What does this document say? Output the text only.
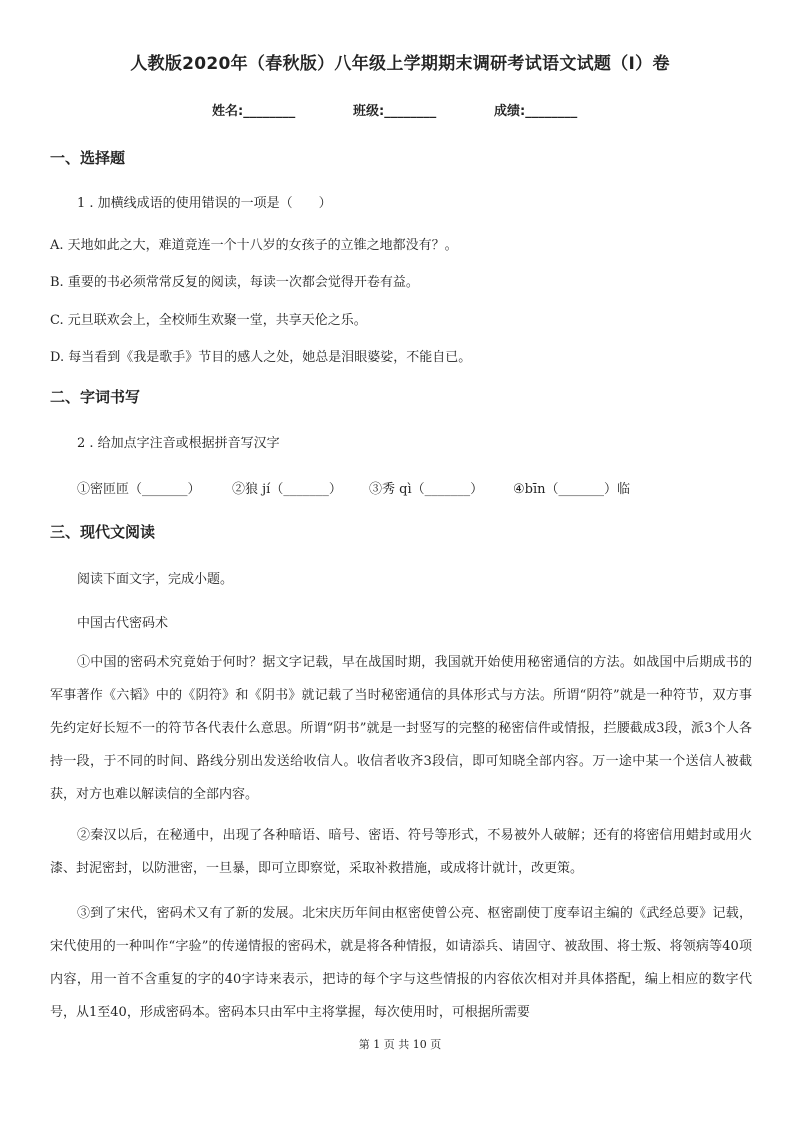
人教版2020年（春秋版）八年级上学期期末调研考试语文试题（I）卷
姓名:________	班级:________	成绩:________
一、选择题
1 . 加横线成语的使用错误的一项是（　　）
A. 天地如此之大，难道竟连一个十八岁的女孩子的立锥之地都没有？。
B. 重要的书必须常常反复的阅读，每读一次都会觉得开卷有益。
C. 元旦联欢会上，全校师生欢聚一堂，共享天伦之乐。
D. 每当看到《我是歌手》节目的感人之处，她总是泪眼婆娑，不能自已。
二、字词书写
2 . 给加点字注音或根据拼音写汉字
①密匝匝（_______） ②狼 jí（_______） ③秀 qì（_______） ④bīn（_______）临
三、现代文阅读
阅读下面文字，完成小题。
中国古代密码术

①中国的密码术究竟始于何时？据文字记载，早在战国时期，我国就开始使用秘密通信的方法。如战国中后期成书的军事著作《六韬》中的《阴符》和《阴书》就记载了当时秘密通信的具体形式与方法。所谓“阴符”就是一种符节，双方事先约定好长短不一的符节各代表什么意思。所谓“阴书”就是一封竖写的完整的秘密信件或情报，拦腰截成3段，派3个人各持一段，于不同的时间、路线分别出发送给收信人。收信者收齐3段信，即可知晓全部内容。万一途中某一个送信人被截获，对方也难以解读信的全部内容。

②秦汉以后，在秘通中，出现了各种暗语、暗号、密语、符号等形式，不易被外人破解；还有的将密信用蜡封或用火漆、封泥密封，以防泄密，一旦暴，即可立即察觉，采取补救措施，或成将计就计，改更策。

③到了宋代，密码术又有了新的发展。北宋庆历年间由枢密使曾公亮、枢密副使丁度奉诏主编的《武经总要》记载，宋代使用的一种叫作“字验”的传递情报的密码术，就是将各种情报，如请添兵、请固守、被敌围、将士叛、将领病等40项内容，用一首不含重复的字的40字诗来表示，把诗的每个字与这些情报的内容依次相对并具体搭配，编上相应的数字代号，从1至40，形成密码本。密码本只由军中主将掌握，每次使用时，可根据所需要

第 1 页 共 10 页
